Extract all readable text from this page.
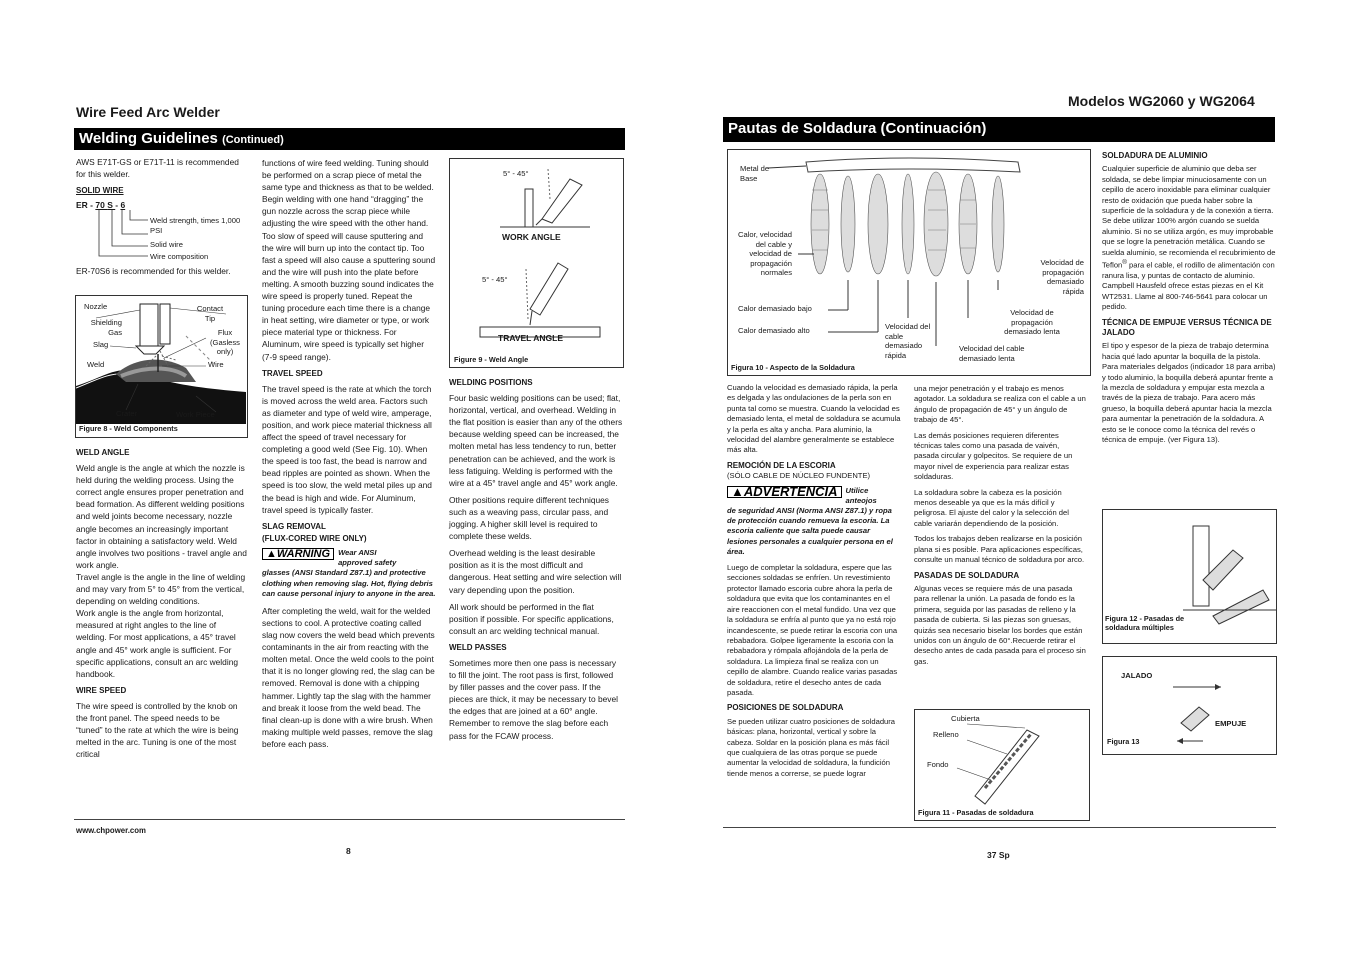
Wire Feed Arc Welder
Welding Guidelines (Continued)
AWS E71T-GS or E71T-11 is recommended for this welder.
SOLID WIRE
ER - 70 S - 6
Weld strength, times 1,000 PSI
Solid wire
Wire composition
ER-70S6 is recommended for this welder.
Nozzle
Shielding Gas
Slag
Weld
Crater
Contact Tip
Flux (Gasless only)
Wire
Work Piece
Figure 8 - Weld Components
WELD ANGLE
Weld angle is the angle at which the nozzle is held during the welding process. Using the correct angle ensures proper penetration and bead formation. As different welding positions and weld joints become necessary, nozzle angle becomes an increasingly important factor in obtaining a satisfactory weld. Weld angle involves two positions - travel angle and work angle.
Travel angle is the angle in the line of welding and may vary from 5° to 45° from the vertical, depending on welding conditions.
Work angle is the angle from horizontal, measured at right angles to the line of welding. For most applications, a 45° travel angle and 45° work angle is sufficient. For specific applications, consult an arc welding handbook.
WIRE SPEED
The wire speed is controlled by the knob on the front panel. The speed needs to be “tuned” to the rate at which the wire is being melted in the arc. Tuning is one of the most critical
functions of wire feed welding. Tuning should be performed on a scrap piece of metal the same type and thickness as that to be welded. Begin welding with one hand “dragging” the gun nozzle across the scrap piece while adjusting the wire speed with the other hand. Too slow of speed will cause sputtering and the wire will burn up into the contact tip. Too fast a speed will also cause a sputtering sound and the wire will push into the plate before melting. A smooth buzzing sound indicates the wire speed is properly tuned. Repeat the tuning procedure each time there is a change in heat setting, wire diameter or type, or work piece material type or thickness. For Aluminum, wire speed is typically set higher (7-9 speed range).
TRAVEL SPEED
The travel speed is the rate at which the torch is moved across the weld area. Factors such as diameter and type of weld wire, amperage, position, and work piece material thickness all affect the speed of travel necessary for completing a good weld (See Fig. 10). When the speed is too fast, the bead is narrow and bead ripples are pointed as shown. When the speed is too slow, the weld metal piles up and the bead is high and wide. For Aluminum, travel speed is typically faster.
SLAG REMOVAL
(FLUX-CORED WIRE ONLY)
▲WARNING	Wear ANSI approved safety
glasses (ANSI Standard Z87.1) and protective clothing when removing slag. Hot, flying debris can cause personal injury to anyone in the area.
After completing the weld, wait for the welded sections to cool. A protective coating called slag now covers the weld bead which prevents contaminants in the air from reacting with the molten metal. Once the weld cools to the point that it is no longer glowing red, the slag can be removed. Removal is done with a chipping hammer. Lightly tap the slag with the hammer and break it loose from the weld bead. The final clean-up is done with a wire brush. When making multiple weld passes, remove the slag before each pass.
5° - 45°
WORK ANGLE
5° - 45°
TRAVEL ANGLE
Figure 9 - Weld Angle
WELDING POSITIONS
Four basic welding positions can be used; flat, horizontal, vertical, and overhead. Welding in the flat position is easier than any of the others because welding speed can be increased, the molten metal has less tendency to run, better penetration can be achieved, and the work is less fatiguing. Welding is performed with the wire at a 45° travel angle and 45° work angle.
Other positions require different techniques such as a weaving pass, circular pass, and jogging. A higher skill level is required to complete these welds.
Overhead welding is the least desirable position as it is the most difficult and dangerous. Heat setting and wire selection will vary depending upon the position.
All work should be performed in the flat position if possible. For specific applications, consult an arc welding technical manual.
WELD PASSES
Sometimes more then one pass is necessary to fill the joint. The root pass is first, followed by filler passes and the cover pass. If the pieces are thick, it may be necessary to bevel the edges that are joined at a 60° angle. Remember to remove the slag before each pass for the FCAW process.
www.chpower.com
8
Modelos WG2060 y WG2064
Pautas de Soldadura (Continuación)
Metal de Base
Calor, velocidad del cable y velocidad de propagación normales
Calor demasiado bajo
Calor demasiado alto	Velocidad del cable demasiado rápida
Velocidad del cable demasiado lenta
Velocidad de propagación demasiado lenta
Velocidad de propagación demasiado rápida
Figura 10 - Aspecto de la Soldadura
Cuando la velocidad es demasiado rápida, la perla es delgada y las ondulaciones de la perla son en punta tal como se muestra. Cuando la velocidad es demasiado lenta, el metal de soldadura se acumula y la perla es alta y ancha. Para aluminio, la velocidad del alambre generalmente se establece más alta.
REMOCIÓN DE LA ESCORIA
(SÓLO CABLE DE NÚCLEO FUNDENTE)
▲ADVERTENCIA	Utilice anteojos
de seguridad ANSI (Norma ANSI Z87.1) y ropa de protección cuando remueva la escoria. La escoria caliente que salta puede causar lesiones personales a cualquier persona en el área.
Luego de completar la soldadura, espere que las secciones soldadas se enfríen. Un revestimiento protector llamado escoria cubre ahora la perla de soldadura que evita que los contaminantes en el aire reaccionen con el metal fundido. Una vez que la soldadura se enfría al punto que ya no está rojo incandescente, se puede retirar la escoria con una rebabadora. Golpee ligeramente la escoria con la rebabadora y rómpala aflojándola de la perla de soldadura. La limpieza final se realiza con un cepillo de alambre. Cuando realice varias pasadas de soldadura, retire el desecho antes de cada pasada.
POSICIONES DE SOLDADURA
Se pueden utilizar cuatro posiciones de soldadura básicas: plana, horizontal, vertical y sobre la cabeza. Soldar en la posición plana es más fácil que cualquiera de las otras porque se puede aumentar la velocidad de soldadura, la fundición tiende menos a correrse, se puede lograr
una mejor penetración y el trabajo es menos agotador. La soldadura se realiza con el cable a un ángulo de propagación de 45° y un ángulo de trabajo de 45°.
Las demás posiciones requieren diferentes técnicas tales como una pasada de vaivén, pasada circular y golpecitos. Se requiere de un mayor nivel de experiencia para realizar estas soldaduras.
La soldadura sobre la cabeza es la posición menos deseable ya que es la más difícil y peligrosa. El ajuste del calor y la selección del cable variarán dependiendo de la posición.
Todos los trabajos deben realizarse en la posición plana si es posible. Para aplicaciones específicas, consulte un manual técnico de soldadura por arco.
PASADAS DE SOLDADURA
Algunas veces se requiere más de una pasada para rellenar la unión. La pasada de fondo es la primera, seguida por las pasadas de relleno y la pasada de cubierta. Si las piezas son gruesas, quizás sea necesario biselar los bordes que están unidos con un ángulo de 60°.Recuerde retirar el desecho antes de cada pasada para el proceso sin gas.
Cubierta
Relleno
Fondo
Figura 11 - Pasadas de soldadura
SOLDADURA DE ALUMINIO
Cualquier superficie de aluminio que deba ser soldada, se debe limpiar minuciosamente con un cepillo de acero inoxidable para eliminar cualquier resto de oxidación que pueda haber sobre la superficie de la soldadura y de la conexión a tierra. Se debe utilizar 100% argón cuando se suelda aluminio. Si no se utiliza argón, es muy improbable que se logre la penetración metálica. Cuando se suelda aluminio, se recomienda el recubrimiento de Teflon® para el cable, el rodillo de alimentación con ranura lisa, y puntas de contacto de aluminio. Campbell Hausfeld ofrece estas piezas en el Kit WT2531. Llame al 800-746-5641 para colocar un pedido.
TÉCNICA DE EMPUJE VERSUS TÉCNICA DE JALADO
El tipo y espesor de la pieza de trabajo determina hacia qué lado apuntar la boquilla de la pistola. Para materiales delgados (indicador 18 para arriba) y todo aluminio, la boquilla deberá apuntar frente a la mezcla de soldadura y empujar esta mezcla a través de la pieza de trabajo. Para acero más grueso, la boquilla deberá apuntar hacia la mezcla para aumentar la penetración de la soldadura. A esto se le conoce como la técnica del revés o técnica de empuje. (ver Figura 13).
Figura 12 - Pasadas de soldadura múltiples
JALADO
EMPUJE
Figura 13
37 Sp
